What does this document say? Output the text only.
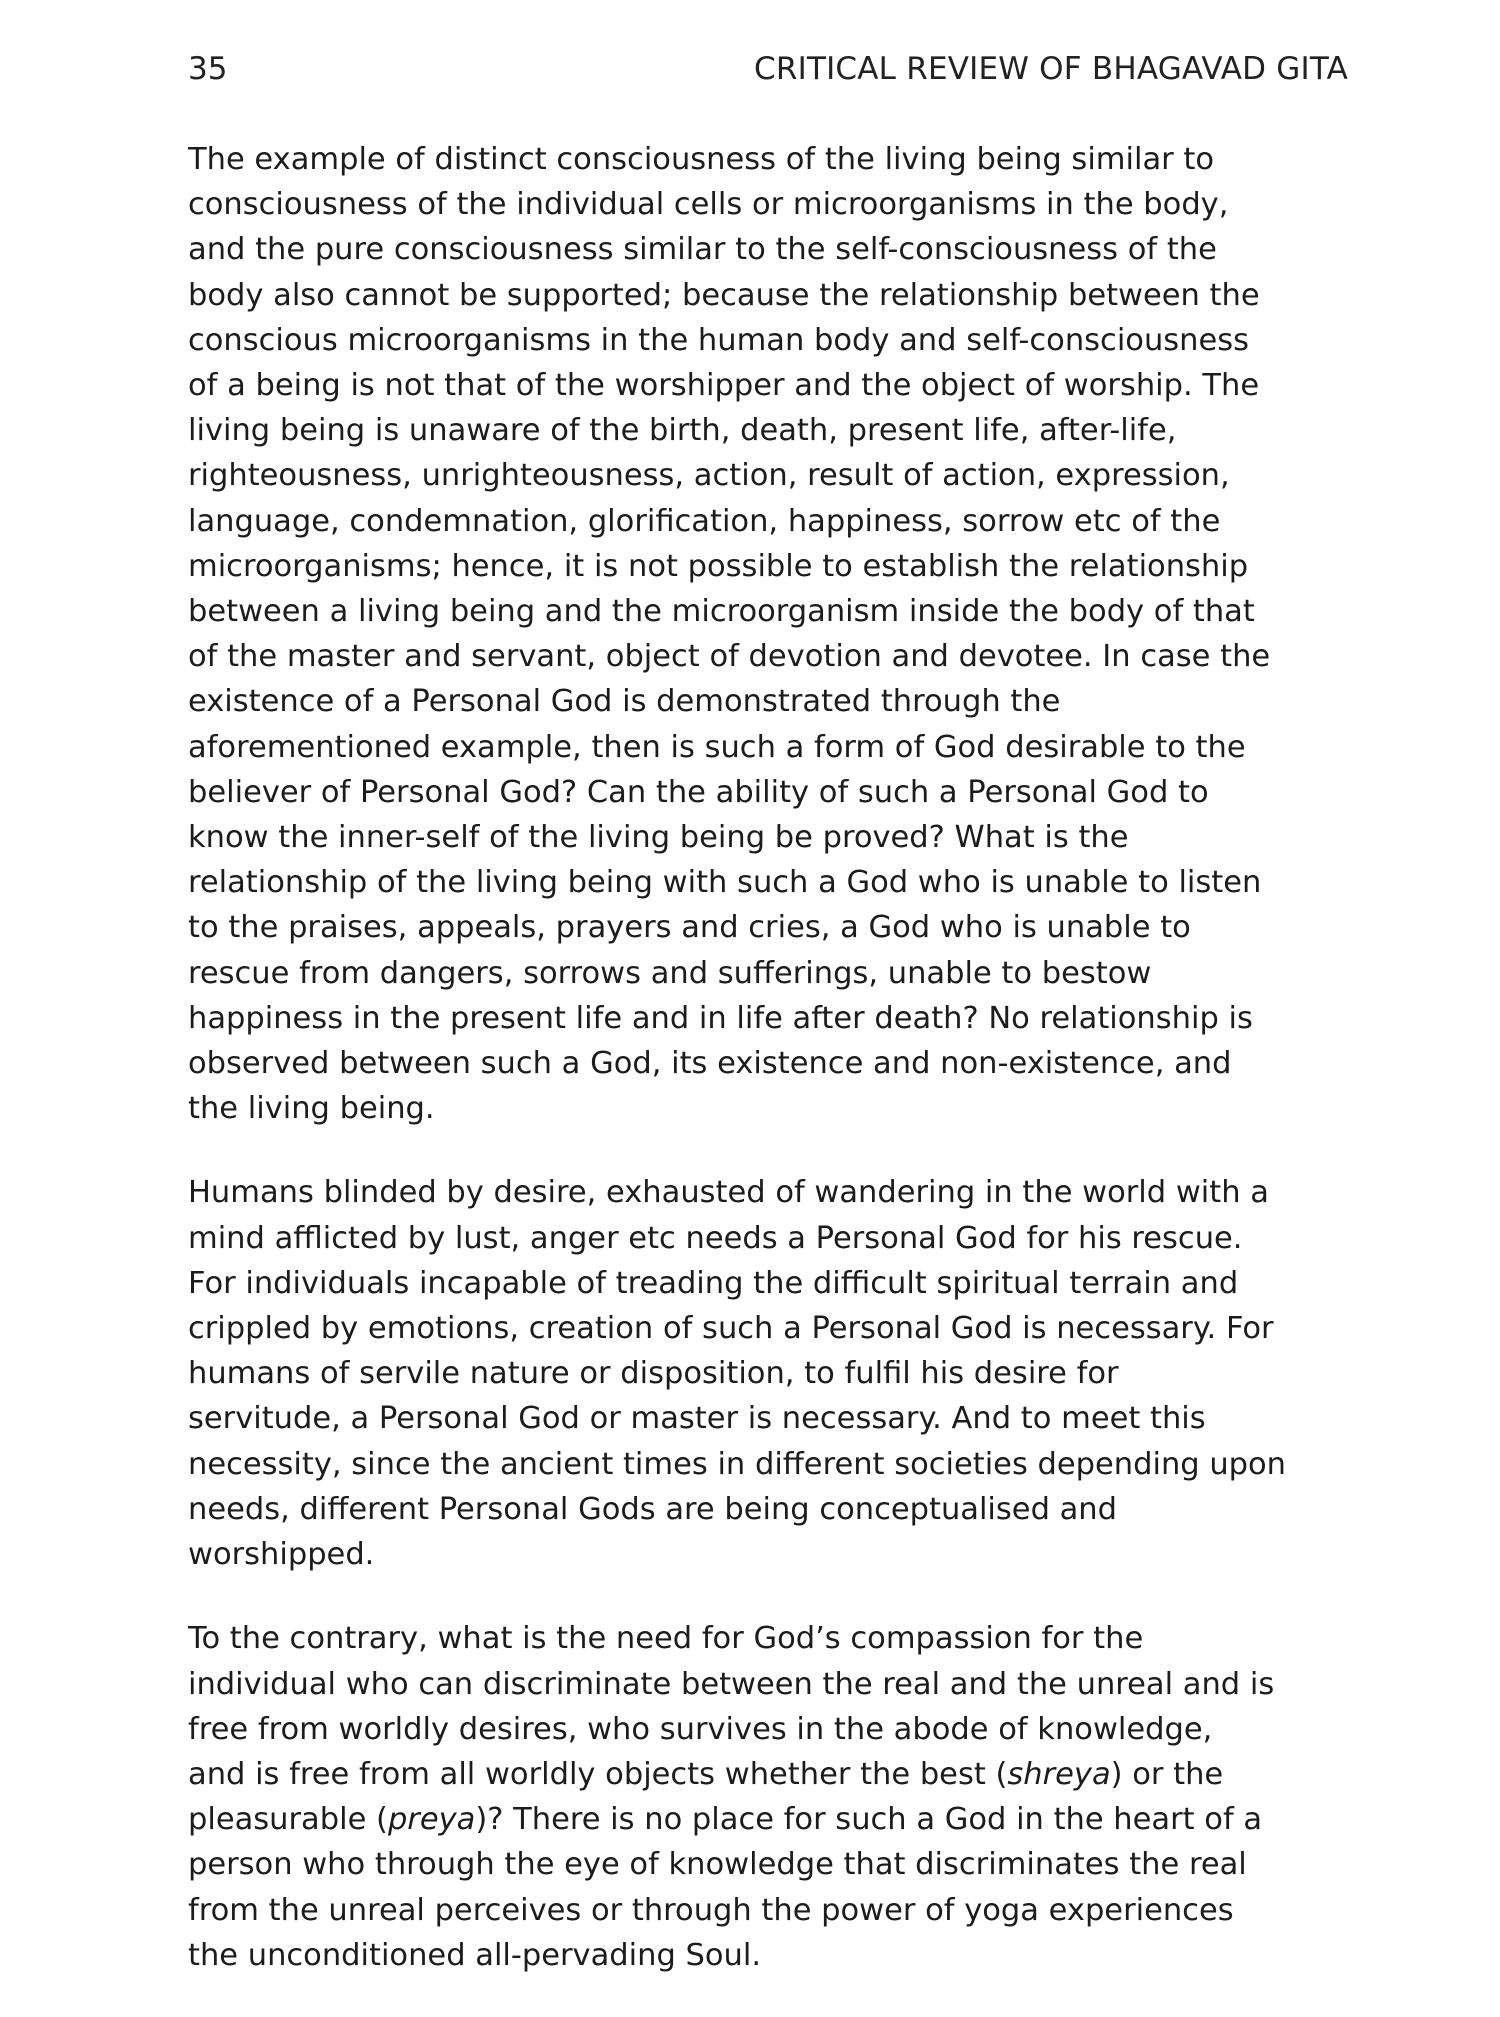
35	CRITICAL REVIEW OF BHAGAVAD GITA

The example of distinct consciousness of the living being similar to
consciousness of the individual cells or microorganisms in the body,
and the pure consciousness similar to the self-consciousness of the
body also cannot be supported; because the relationship between the
conscious microorganisms in the human body and self-consciousness
of a being is not that of the worshipper and the object of worship. The
living being is unaware of the birth, death, present life, after-life,
righteousness, unrighteousness, action, result of action, expression,
language, condemnation, glorification, happiness, sorrow etc of the
microorganisms; hence, it is not possible to establish the relationship
between a living being and the microorganism inside the body of that
of the master and servant, object of devotion and devotee. In case the
existence of a Personal God is demonstrated through the
aforementioned example, then is such a form of God desirable to the
believer of Personal God? Can the ability of such a Personal God to
know the inner-self of the living being be proved? What is the
relationship of the living being with such a God who is unable to listen
to the praises, appeals, prayers and cries, a God who is unable to
rescue from dangers, sorrows and sufferings, unable to bestow
happiness in the present life and in life after death? No relationship is
observed between such a God, its existence and non-existence, and
the living being.

Humans blinded by desire, exhausted of wandering in the world with a
mind afflicted by lust, anger etc needs a Personal God for his rescue.
For individuals incapable of treading the difficult spiritual terrain and
crippled by emotions, creation of such a Personal God is necessary. For
humans of servile nature or disposition, to fulfil his desire for
servitude, a Personal God or master is necessary. And to meet this
necessity, since the ancient times in different societies depending upon
needs, different Personal Gods are being conceptualised and
worshipped.

To the contrary, what is the need for God’s compassion for the
individual who can discriminate between the real and the unreal and is
free from worldly desires, who survives in the abode of knowledge,
and is free from all worldly objects whether the best (shreya) or the
pleasurable (preya)? There is no place for such a God in the heart of a
person who through the eye of knowledge that discriminates the real
from the unreal perceives or through the power of yoga experiences
the unconditioned all-pervading Soul.
